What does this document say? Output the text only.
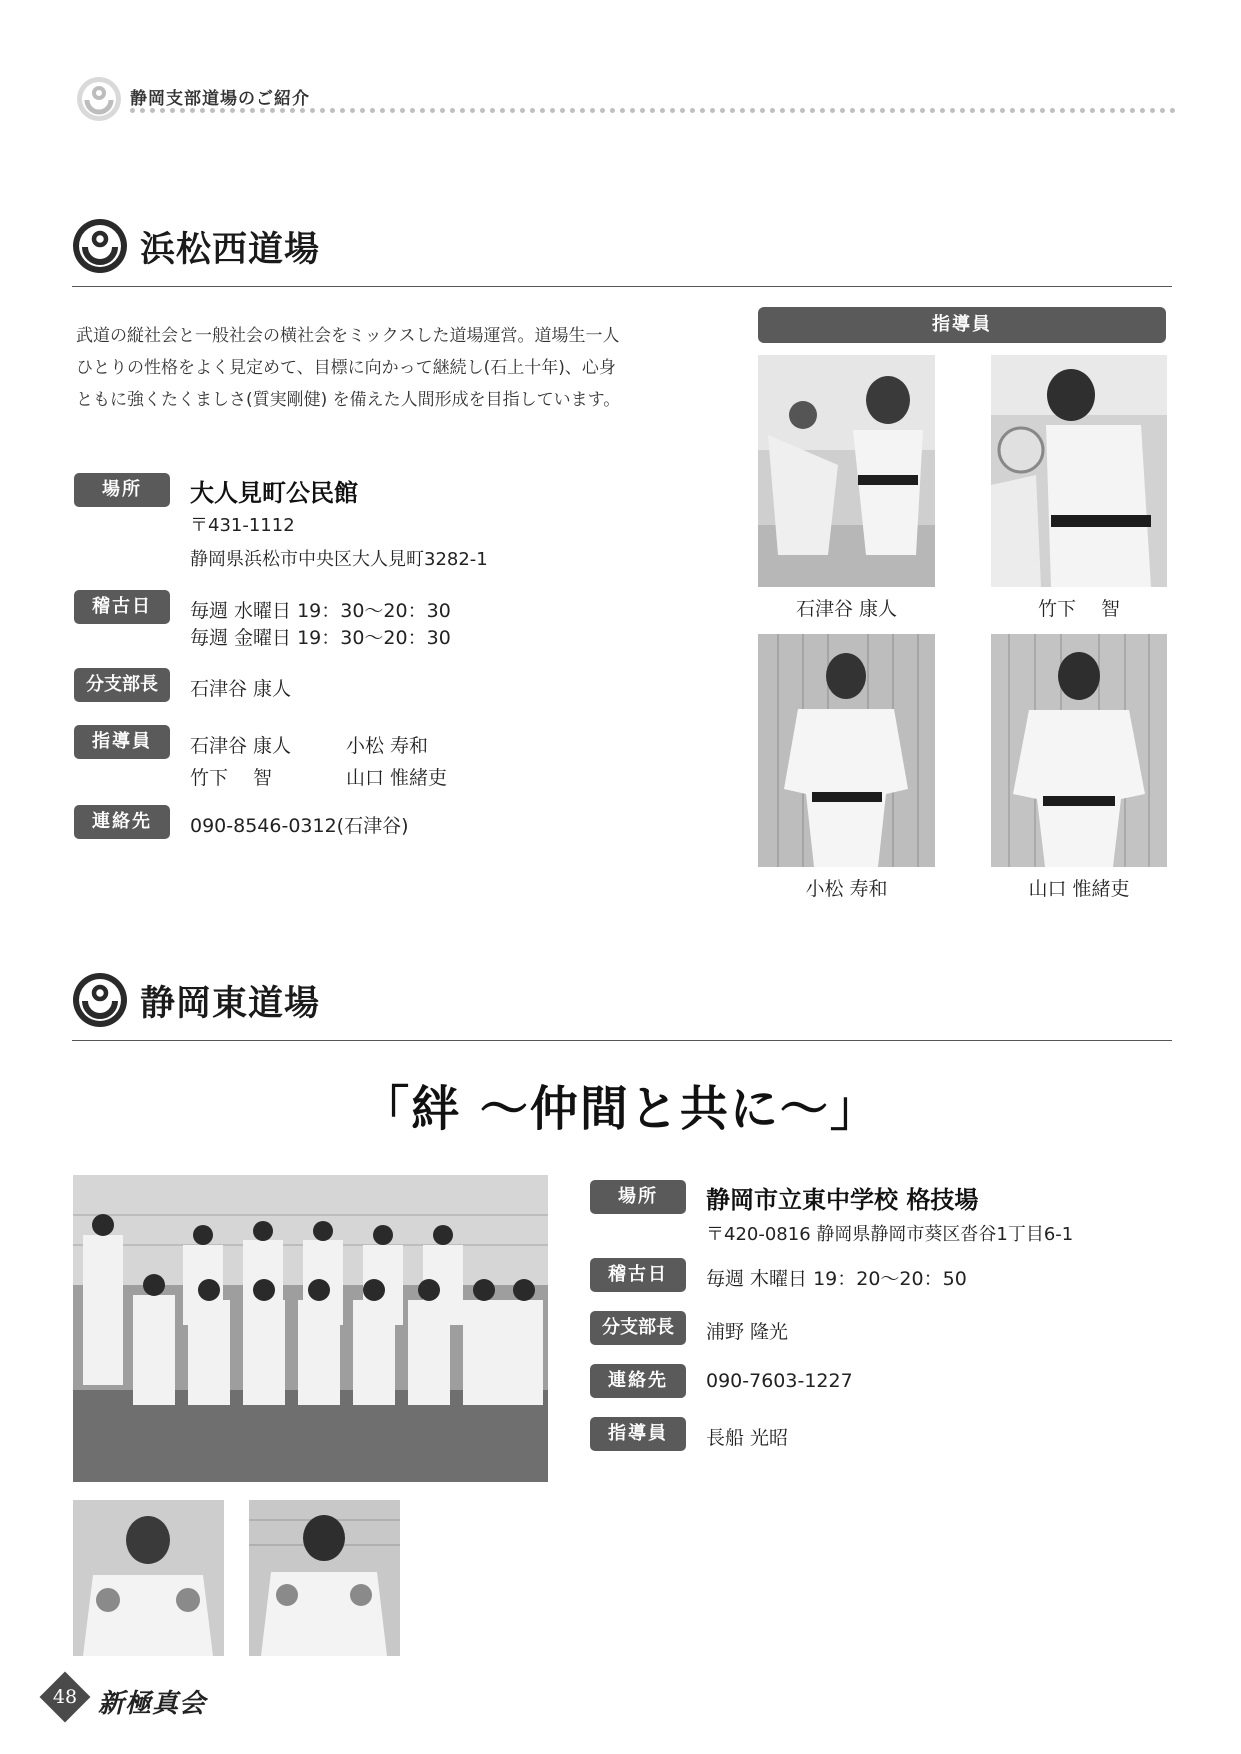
静岡支部道場のご紹介
浜松西道場
武道の縦社会と一般社会の横社会をミックスした道場運営。道場生一人
ひとりの性格をよく見定めて、目標に向かって継続し(石上十年)、心身
ともに強くたくましさ(質実剛健) を備えた人間形成を目指しています。
場所	大人見町公民館
〒431-1112
静岡県浜松市中央区大人見町3282-1
稽古日	毎週 水曜日 19：30〜20：30
毎週 金曜日 19：30〜20：30
分支部長	石津谷 康人
指導員	石津谷 康人	小松 寿和
竹下　 智	山口 惟緒吏
連絡先	090-8546-0312(石津谷)
指導員
石津谷 康人	竹下　 智
小松 寿和	山口 惟緒吏
静岡東道場
「絆 〜仲間と共に〜」
場所	静岡市立東中学校 格技場
〒420-0816 静岡県静岡市葵区沓谷1丁目6-1
稽古日	毎週 木曜日 19：20〜20：50
分支部長	浦野 隆光
連絡先	090-7603-1227
指導員	長船 光昭
48 新極真会
